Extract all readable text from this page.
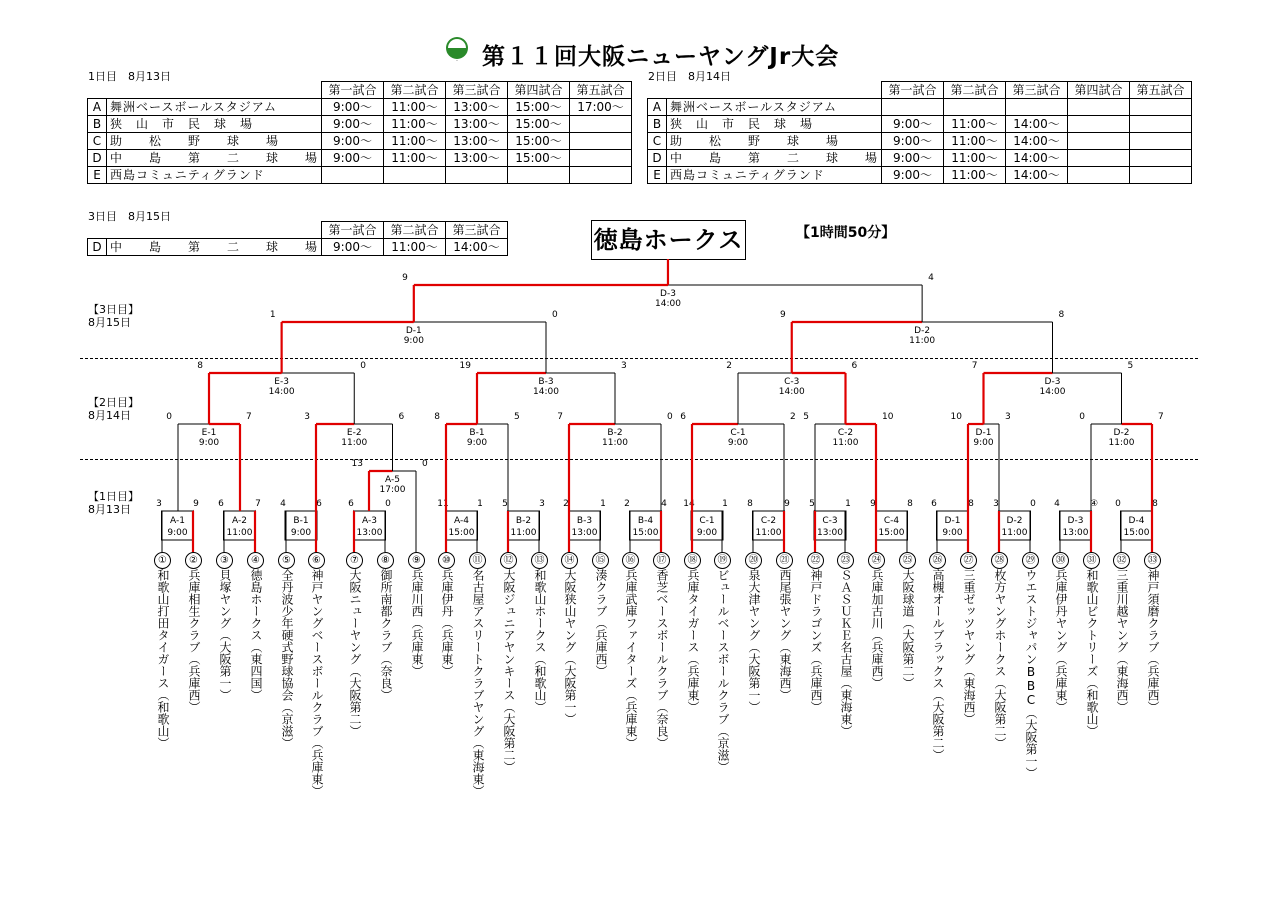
・ 第１１回大阪ニューヤングJr大会
1日目　8月13日
		第一試合	第二試合	第三試合	第四試合	第五試合
A	舞洲ベースボールスタジアム	9:00～	11:00～	13:00～	15:00～	17:00～
B	狭　山　市　民　球　場	9:00～	11:00～	13:00～	15:00～	
C	助　　松　　野　　球　　場	9:00～	11:00～	13:00～	15:00～	
D	中　　島　　第　　二　　球　　場	9:00～	11:00～	13:00～	15:00～	
E	西島コミュニティグランド					
2日目　8月14日
		第一試合	第二試合	第三試合	第四試合	第五試合
A	舞洲ベースボールスタジアム					
B	狭　山　市　民　球　場	9:00～	11:00～	14:00～		
C	助　　松　　野　　球　　場	9:00～	11:00～	14:00～		
D	中　　島　　第　　二　　球　　場	9:00～	11:00～	14:00～		
E	西島コミュニティグランド	9:00～	11:00～	14:00～		
3日目　8月15日
		第一試合	第二試合	第三試合
D	中　　島　　第　　二　　球　　場	9:00～	11:00～	14:00～	徳島ホークス	【1時間50分】
【3日目】
8月15日
【2日目】
8月14日
【1日目】
8月13日
A-1
9:00
3	9
A-2
11:00
6	7
B-1
9:00
4	6
A-3
13:00
6	0
A-4
15:00
11	1
B-2
11:00
5	3
B-3
13:00
2	1
B-4
15:00
2	4
C-1
9:00
14	1
C-2
11:00
8	9
C-3
13:00
5	1
C-4
15:00
9	8
D-1
9:00
6	8
D-2
11:00
3	0
D-3
13:00
4	④
D-4
15:00
0	8
A-5
17:00
13	0
E-1
9:00
0	7
E-2
11:00
3	6
B-1
9:00
8	5
B-2
11:00
7	0
C-1
9:00
6	2
C-2
11:00
5	10
D-1
9:00
10	3
D-2
11:00
0	7
E-3
14:00
8	0
B-3
14:00
19	3
C-3
14:00
2	6
D-3
14:00
7	5
D-1
9:00
1	0
D-2
11:00
9	8
D-3
14:00
9	4
①
和歌山打田タイガース（和歌山）
②
兵庫相生クラブ（兵庫西）
③
貝塚ヤング（大阪第一）
④
徳島ホークス（東四国）
⑤
全丹波少年硬式野球協会（京滋）
⑥
神戸ヤングベースボールクラブ（兵庫東）
⑦
大阪ニューヤング（大阪第二）
⑧
御所南都クラブ（奈良）
⑨
兵庫川西（兵庫東）
⑩
兵庫伊丹（兵庫東）
⑪
名古屋アスリートクラブヤング（東海東）
⑫
大阪ジュニアヤンキース（大阪第二）
⑬
和歌山ホークス（和歌山）
⑭
大阪狭山ヤング（大阪第一）
⑮
湊クラブ（兵庫西）
⑯
兵庫武庫ファイターズ（兵庫東）
⑰
香芝ベースボールクラブ（奈良）
⑱
兵庫タイガース（兵庫東）
⑲
ビュールベースボールクラブ（京滋）
⑳
泉大津ヤング（大阪第一）
㉑
西尾張ヤング（東海西）
㉒
神戸ドラゴンズ（兵庫西）
㉓
ＳＡＳＵＫＥ名古屋（東海東）
㉔
兵庫加古川（兵庫西）
㉕
大阪球道（大阪第二）
㉖
高槻オールブラックス（大阪第二）
㉗
三重ゼッツヤング（東海西）
㉘
枚方ヤングホークス（大阪第二）
㉙
ウエストジャパンBBC（大阪第一）
㉚
兵庫伊丹ヤング（兵庫東）
㉛
和歌山ビクトリーズ（和歌山）
㉜
三重川越ヤング（東海西）
㉝
神戸須磨クラブ（兵庫西）
